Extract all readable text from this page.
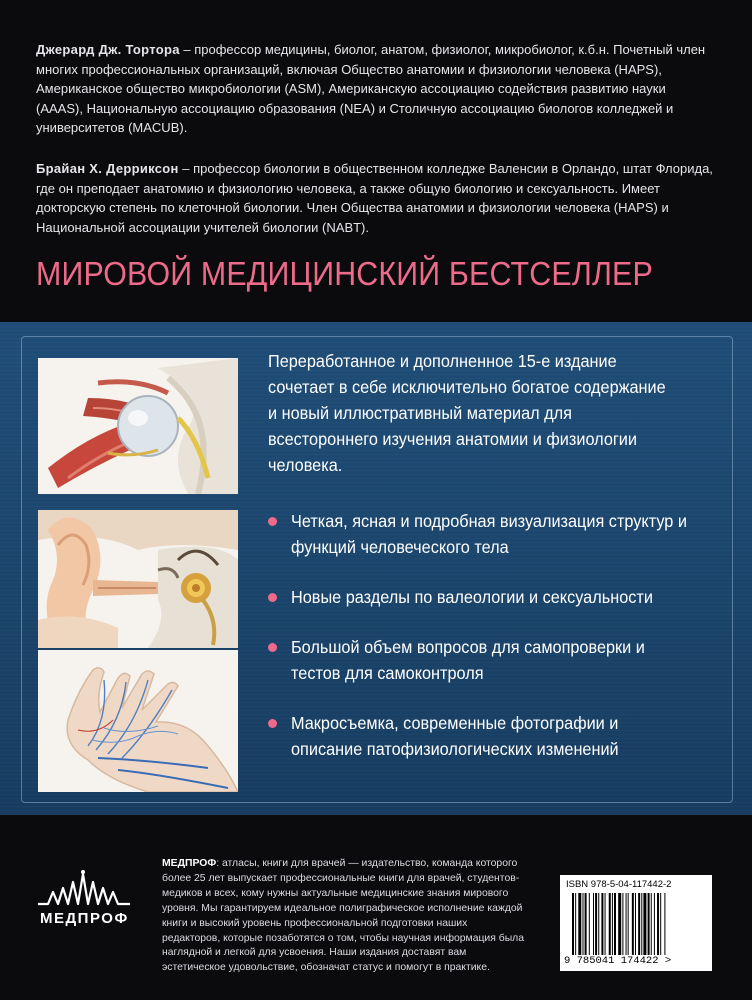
Джерард Дж. Тортора – профессор медицины, биолог, анатом, физиолог, микробиолог, к.б.н. Почетный член многих профессиональных организаций, включая Общество анатомии и физиологии человека (HAPS), Американское общество микробиологии (ASM), Американскую ассоциацию содействия развитию науки (AAAS), Национальную ассоциацию образования (NEA) и Столичную ассоциацию биологов колледжей и университетов (MACUB).

Брайан Х. Дерриксон – профессор биологии в общественном колледже Валенсии в Орландо, штат Флорида, где он преподает анатомию и физиологию человека, а также общую биологию и сексуальность. Имеет докторскую степень по клеточной биологии. Член Общества анатомии и физиологии человека (HAPS) и Национальной ассоциации учителей биологии (NABT).

МИРОВОЙ МЕДИЦИНСКИЙ БЕСТСЕЛЛЕР
Переработанное и дополненное 15-е издание сочетает в себе исключительно богатое содержание и новый иллюстративный материал для всестороннего изучения анатомии и физиологии человека.
Четкая, ясная и подробная визуализация структур и функций человеческого тела
Новые разделы по валеологии и сексуальности
Большой объем вопросов для самопроверки и тестов для самоконтроля
Макросъемка, современные фотографии и описание патофизиологических изменений
МЕДПРОФ

МЕДПРОФ: атласы, книги для врачей — издательство, команда которого более 25 лет выпускает профессиональные книги для врачей, студентов-медиков и всех, кому нужны актуальные медицинские знания мирового уровня. Мы гарантируем идеальное полиграфическое исполнение каждой книги и высокий уровень профессиональной подготовки наших редакторов, которые позаботятся о том, чтобы научная информация была наглядной и легкой для усвоения. Наши издания доставят вам эстетическое удовольствие, обозначат статус и помогут в практике.

ISBN 978-5-04-117442-2
9 785041 174422 >
